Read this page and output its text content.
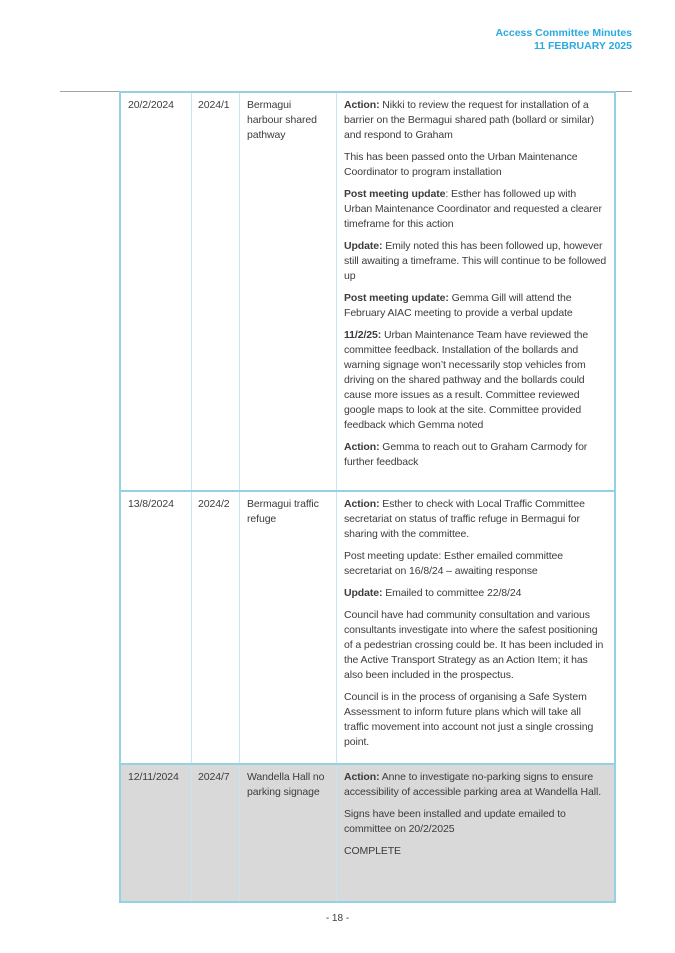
Access Committee Minutes
11 FEBRUARY 2025
20/2/2024	2024/1	Bermagui harbour shared pathway

Action: Nikki to review the request for installation of a barrier on the Bermagui shared path (bollard or similar) and respond to Graham

This has been passed onto the Urban Maintenance Coordinator to program installation

Post meeting update: Esther has followed up with Urban Maintenance Coordinator and requested a clearer timeframe for this action

Update: Emily noted this has been followed up, however still awaiting a timeframe. This will continue to be followed up

Post meeting update: Gemma Gill will attend the February AIAC meeting to provide a verbal update

11/2/25: Urban Maintenance Team have reviewed the committee feedback. Installation of the bollards and warning signage won’t necessarily stop vehicles from driving on the shared pathway and the bollards could cause more issues as a result. Committee reviewed google maps to look at the site. Committee provided feedback which Gemma noted

Action: Gemma to reach out to Graham Carmody for further feedback

13/8/2024	2024/2	Bermagui traffic refuge

Action: Esther to check with Local Traffic Committee secretariat on status of traffic refuge in Bermagui for sharing with the committee.

Post meeting update: Esther emailed committee secretariat on 16/8/24 – awaiting response

Update: Emailed to committee 22/8/24

Council have had community consultation and various consultants investigate into where the safest positioning of a pedestrian crossing could be. It has been included in the Active Transport Strategy as an Action Item; it has also been included in the prospectus.

Council is in the process of organising a Safe System Assessment to inform future plans which will take all traffic movement into account not just a single crossing point.

12/11/2024	2024/7	Wandella Hall no parking signage

Action: Anne to investigate no-parking signs to ensure accessibility of accessible parking area at Wandella Hall.

Signs have been installed and update emailed to committee on 20/2/2025

COMPLETE

- 18 -
